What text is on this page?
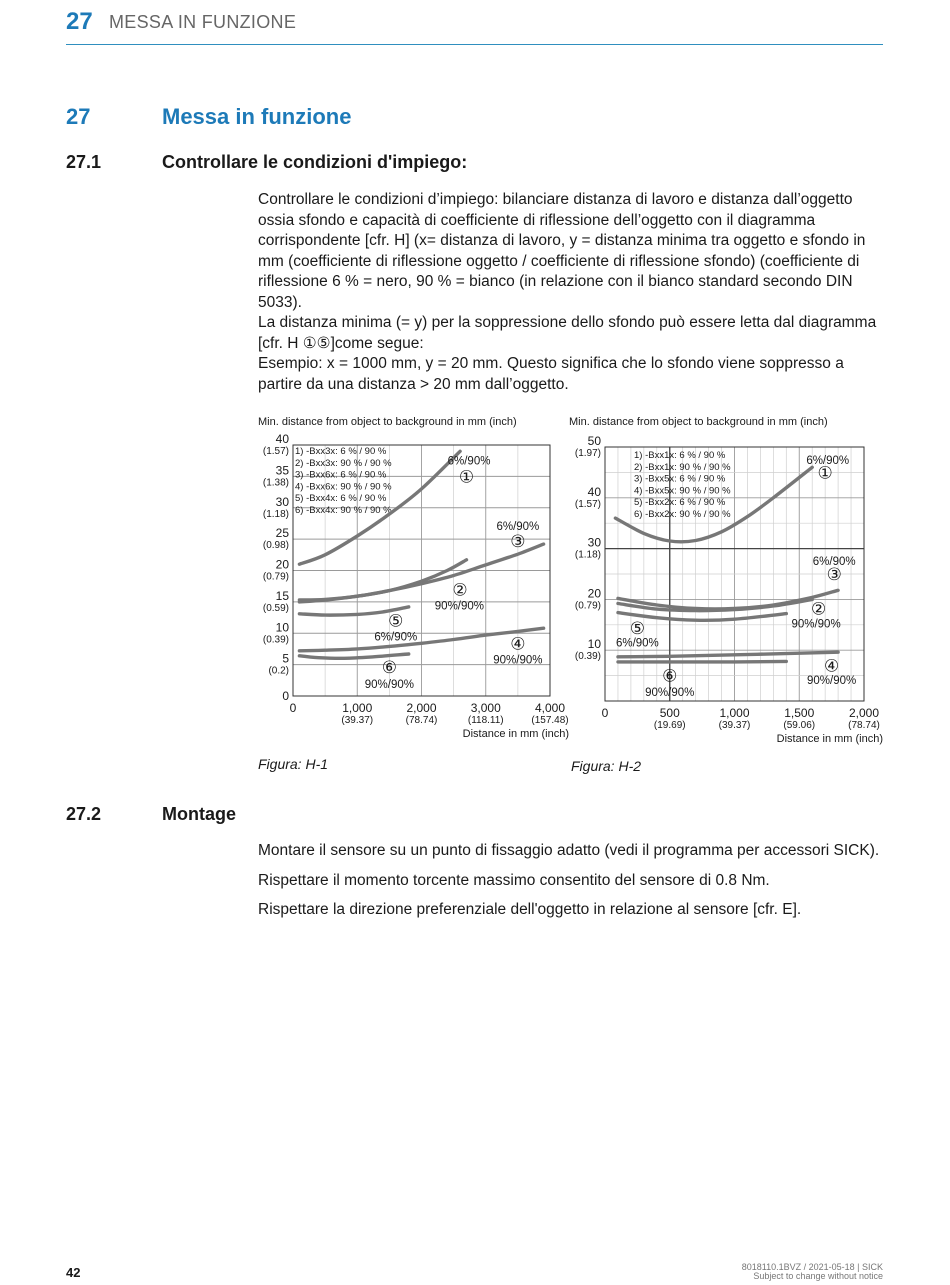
27 MESSA IN FUNZIONE
27	Messa in funzione
27.1	Controllare le condizioni d'impiego:

Controllare le condizioni d’impiego: bilanciare distanza di lavoro e distanza dall’oggetto ossia sfondo e capacità di coefficiente di riflessione dell’oggetto con il diagramma corrispondente [cfr. H] (x= distanza di lavoro, y = distanza minima tra oggetto e sfondo in mm (coefficiente di riflessione oggetto / coefficiente di riflessione sfondo) (coefficiente di riflessione 6 % = nero, 90 % = bianco (in relazione con il bianco standard secondo DIN 5033).

La distanza minima (= y) per la soppressione dello sfondo può essere letta dal diagramma [cfr. H ①⑤]come segue:

Esempio: x = 1000 mm, y = 20 mm. Questo significa che lo sfondo viene soppresso a partire da una distanza > 20 mm dall’oggetto.

Min. distance from object to background in mm (inch)
0
5
(0.2)
10
(0.39)
15
(0.59)
20
(0.79)
25
(0.98)
30
(1.18)
35
(1.38)
40
(1.57)
0	1,000
(39.37)
2,000
(78.74)
3,000
(118.11)
4,000
(157.48)
Distance in mm (inch)
1) -Bxx3x: 6 % / 90 %
2) -Bxx3x: 90 % / 90 %
3) -Bxx6x: 6 % / 90 %
4) -Bxx6x: 90 % / 90 %
5) -Bxx4x: 6 % / 90 %
6) -Bxx4x: 90 % / 90 %
①
6%/90%
②
90%/90%
③
6%/90%
④
90%/90%
⑤
6%/90%
⑥
90%/90%
Min. distance from object to background in mm (inch)
10
(0.39)
20
(0.79)
30
(1.18)
40
(1.57)
50
(1.97)
0	500
(19.69)
1,000
(39.37)
1,500
(59.06)
2,000
(78.74)
Distance in mm (inch)
1) -Bxx1x: 6 % / 90 %
2) -Bxx1x: 90 % / 90 %
3) -Bxx5x: 6 % / 90 %
4) -Bxx5x: 90 % / 90 %
5) -Bxx2x: 6 % / 90 %
6) -Bxx2x: 90 % / 90 %
①
6%/90%
②
90%/90%
③
6%/90%
④
90%/90%
⑤
6%/90%
⑥
90%/90%
Figura: H-1	Figura: H-2
27.2	Montage

Montare il sensore su un punto di fissaggio adatto (vedi il programma per accessori SICK).

Rispettare il momento torcente massimo consentito del sensore di 0.8 Nm.

Rispettare la direzione preferenziale dell'oggetto in relazione al sensore [cfr. E].

42	8018110.1BVZ / 2021-05-18 | SICK
Subject to change without notice
